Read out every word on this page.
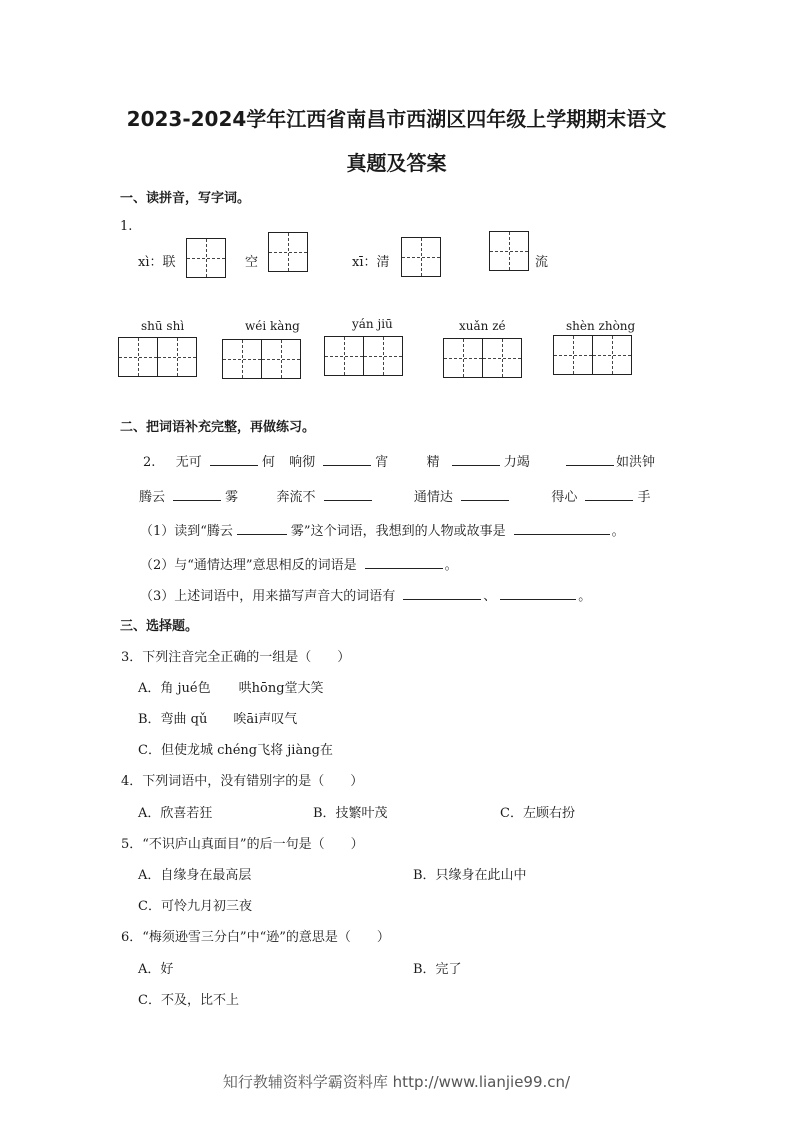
2023-2024学年江西省南昌市西湖区四年级上学期期末语文
真题及答案
一、读拼音，写字词。
1.
xì：联	空	xī：清	流
shū shì	wéi kàng	yán jiū	xuǎn zé	shèn zhòng
二、把词语补充完整，再做练习。
2. 无可	何 响彻	宵	精	力竭	如洪钟
腾云	雾	奔流不	通情达	得心	手
（1）读到“腾云	雾”这个词语，我想到的人物或故事是	。
（2）与“通情达理”意思相反的词语是	。
（3）上述词语中，用来描写声音大的词语有	、	。
三、选择题。
3．下列注音完全正确的一组是（　　）
A．角 jué色 哄hōng堂大笑
B．弯曲 qǔ 唉āi声叹气
C．但使龙城 chéng飞将 jiàng在
4．下列词语中，没有错别字的是（　　）
A．欣喜若狂	B．技繁叶茂	C．左顾右扮
5．“不识庐山真面目”的后一句是（　　）
A．自缘身在最高层	B．只缘身在此山中
C．可怜九月初三夜
6．“梅须逊雪三分白”中“逊”的意思是（　　）
A．好	B．完了
C．不及，比不上
知行教辅资料学霸资料库 http://www.lianjie99.cn/
